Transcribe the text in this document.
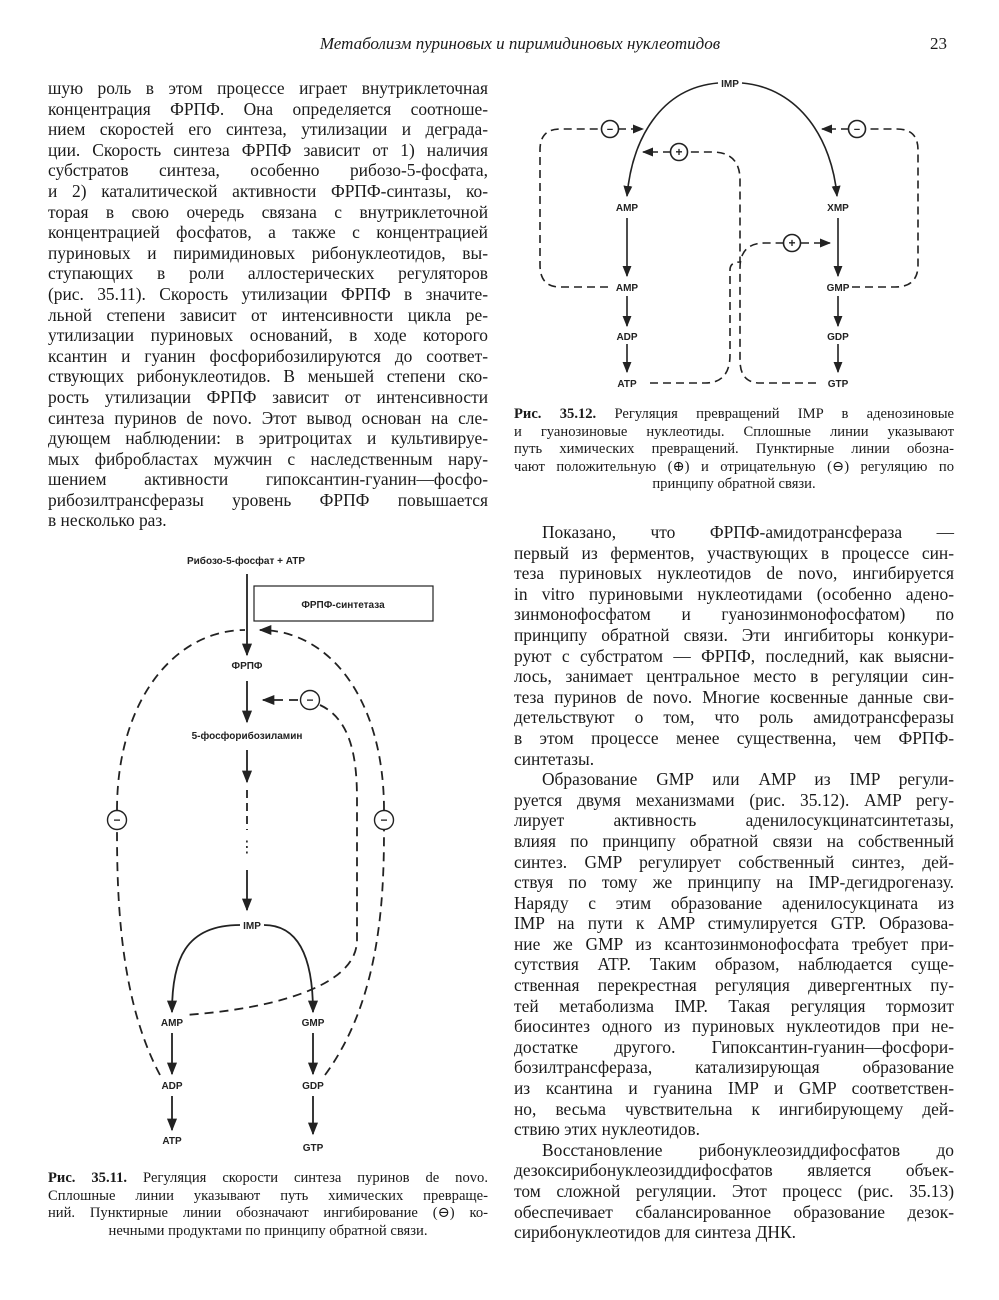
Метаболизм пуриновых и пиримидиновых нуклеотидов	23
шую роль в этом процессе играет внутриклеточная
концентрация ФРПФ. Она определяется соотноше-
нием скоростей его синтеза, утилизации и деграда-
ции. Скорость синтеза ФРПФ зависит от 1) наличия
субстратов синтеза, особенно рибозо-5-фосфата,
и 2) каталитической активности ФРПФ-синтазы, ко-
торая в свою очередь связана с внутриклеточной
концентрацией фосфатов, а также с концентрацией
пуриновых и пиримидиновых рибонуклеотидов, вы-
ступающих в роли аллостерических регуляторов
(рис. 35.11). Скорость утилизации ФРПФ в значите-
льной степени зависит от интенсивности цикла ре-
утилизации пуриновых оснований, в ходе которого
ксантин и гуанин фосфорибозилируются до соответ-
ствующих рибонуклеотидов. В меньшей степени ско-
рость утилизации ФРПФ зависит от интенсивности
синтеза пуринов de novo. Этот вывод основан на сле-
дующем наблюдении: в эритроцитах и культивируе-
мых фибробластах мужчин с наследственным нару-
шением активности гипоксантин-гуанин—фосфо-
рибозилтрансферазы уровень ФРПФ повышается
в несколько раз.
Показано, что ФРПФ-амидотрансфераза —
первый из ферментов, участвующих в процессе син-
теза пуриновых нуклеотидов de novo, ингибируется
in vitro пуриновыми нуклеотидами (особенно адено-
зинмонофосфатом и гуанозинмонофосфатом) по
принципу обратной связи. Эти ингибиторы конкури-
руют с субстратом — ФРПФ, последний, как выясни-
лось, занимает центральное место в регуляции син-
теза пуринов de novo. Многие косвенные данные сви-
детельствуют о том, что роль амидотрансферазы
в этом процессе менее существенна, чем ФРПФ-
синтетазы.
Образование GMP или AMP из IMP регули-
руется двумя механизмами (рис. 35.12). AMP регу-
лирует активность аденилосукцинатсинтетазы,
влияя по принципу обратной связи на собственный
синтез. GMP регулирует собственный синтез, дей-
ствуя по тому же принципу на IMP-дегидрогеназу.
Наряду с этим образование аденилосукцината из
IMP на пути к AMP стимулируется GTP. Образова-
ние же GMP из ксантозинмонофосфата требует при-
сутствия ATP. Таким образом, наблюдается суще-
ственная перекрестная регуляция дивергентных пу-
тей метаболизма IMP. Такая регуляция тормозит
биосинтез одного из пуриновых нуклеотидов при не-
достатке другого. Гипоксантин-гуанин—фосфори-
бозилтрансфераза, катализирующая образование
из ксантина и гуанина IMP и GMP соответствен-
но, весьма чувствительна к ингибирующему дей-
ствию этих нуклеотидов.
Восстановление рибонуклеозиддифосфатов до
дезоксирибонуклеозиддифосфатов является объек-
том сложной регуляции. Этот процесс (рис. 35.13)
обеспечивает сбалансированное образование дезок-
сирибонуклеотидов для синтеза ДНК.
IMP
AMP	XMP
AMP	GMP
ADP	GDP
ATP	GTP
−	−
+
+
Рибозо-5-фосфат + ATP
ФРПФ-синтетаза
ФРПФ
5-фосфорибозиламин
⋮
IMP
AMP	GMP
ADP	GDP
ATP
GTP
−
−	−
Рис. 35.12. Регуляция превращений IMP в аденозиновые
и гуанозиновые нуклеотиды. Сплошные линии указывают
путь химических превращений. Пунктирные линии обозна-
чают положительную (⊕) и отрицательную (⊖) регуляцию по
принципу обратной связи.
Рис. 35.11. Регуляция скорости синтеза пуринов de novo.
Сплошные линии указывают путь химических превраще-
ний. Пунктирные линии обозначают ингибирование (⊖) ко-
нечными продуктами по принципу обратной связи.
